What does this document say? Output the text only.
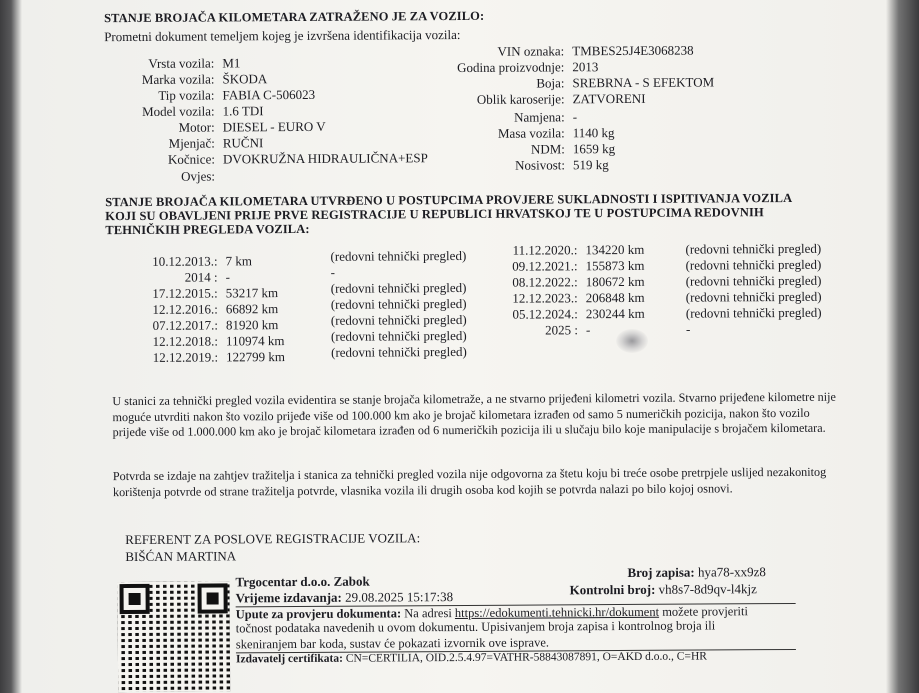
STANJE BROJAČA KILOMETARA ZATRAŽENO JE ZA VOZILO:
Prometni dokument temeljem kojeg je izvršena identifikacija vozila:
Vrsta vozila: M1
Marka vozila: ŠKODA
Tip vozila: FABIA C-506023
Model vozila: 1.6 TDI
Motor: DIESEL - EURO V
Mjenjač: RUČNI
Kočnice: DVOKRUŽNA HIDRAULIČNA+ESP
Ovjes:
VIN oznaka: TMBES25J4E3068238
Godina proizvodnje: 2013
Boja: SREBRNA - S EFEKTOM
Oblik karoserije: ZATVORENI
Namjena: -
Masa vozila: 1140 kg
NDM: 1659 kg
Nosivost: 519 kg
STANJE BROJAČA KILOMETARA UTVRĐENO U POSTUPCIMA PROVJERE SUKLADNOSTI I ISPITIVANJA VOZILA
KOJI SU OBAVLJENI PRIJE PRVE REGISTRACIJE U REPUBLICI HRVATSKOJ TE U POSTUPCIMA REDOVNIH
TEHNIČKIH PREGLEDA VOZILA:
10.12.2013.: 7 km	(redovni tehnički pregled)
2014 : -	-
17.12.2015.: 53217 km	(redovni tehnički pregled)
12.12.2016.: 66892 km	(redovni tehnički pregled)
07.12.2017.: 81920 km	(redovni tehnički pregled)
12.12.2018.: 110974 km	(redovni tehnički pregled)
12.12.2019.: 122799 km	(redovni tehnički pregled)
11.12.2020.: 134220 km	(redovni tehnički pregled)
09.12.2021.: 155873 km	(redovni tehnički pregled)
08.12.2022.: 180672 km	(redovni tehnički pregled)
12.12.2023.: 206848 km	(redovni tehnički pregled)
05.12.2024.: 230244 km	(redovni tehnički pregled)
2025 : -	-
U stanici za tehnički pregled vozila evidentira se stanje brojača kilometraže, a ne stvarno prijeđeni kilometri vozila. Stvarno prijeđene kilometre nije moguće utvrditi nakon što vozilo prijeđe više od 100.000 km ako je brojač kilometara izrađen od samo 5 numeričkih pozicija, nakon što vozilo prijeđe više od 1.000.000 km ako je brojač kilometara izrađen od 6 numeričkih pozicija ili u slučaju bilo koje manipulacije s brojačem kilometara.
Potvrda se izdaje na zahtjev tražitelja i stanica za tehnički pregled vozila nije odgovorna za štetu koju bi treće osobe pretrpjele uslijed nezakonitog korištenja potvrde od strane tražitelja potvrde, vlasnika vozila ili drugih osoba kod kojih se potvrda nalazi po bilo kojoj osnovi.
REFERENT ZA POSLOVE REGISTRACIJE VOZILA:
BIŠĆAN MARTINA
Trgocentar d.o.o. Zabok
Vrijeme izdavanja: 29.08.2025 15:17:38
Broj zapisa: hya78-xx9z8
Kontrolni broj: vh8s7-8d9qv-l4kjz
Upute za provjeru dokumenta: Na adresi https://edokumenti.tehnicki.hr/dokument možete provjeriti
točnost podataka navedenih u ovom dokumentu. Upisivanjem broja zapisa i kontrolnog broja ili
skeniranjem bar koda, sustav će pokazati izvornik ove isprave.
Izdavatelj certifikata: CN=CERTILIA, OID.2.5.4.97=VATHR-58843087891, O=AKD d.o.o., C=HR
